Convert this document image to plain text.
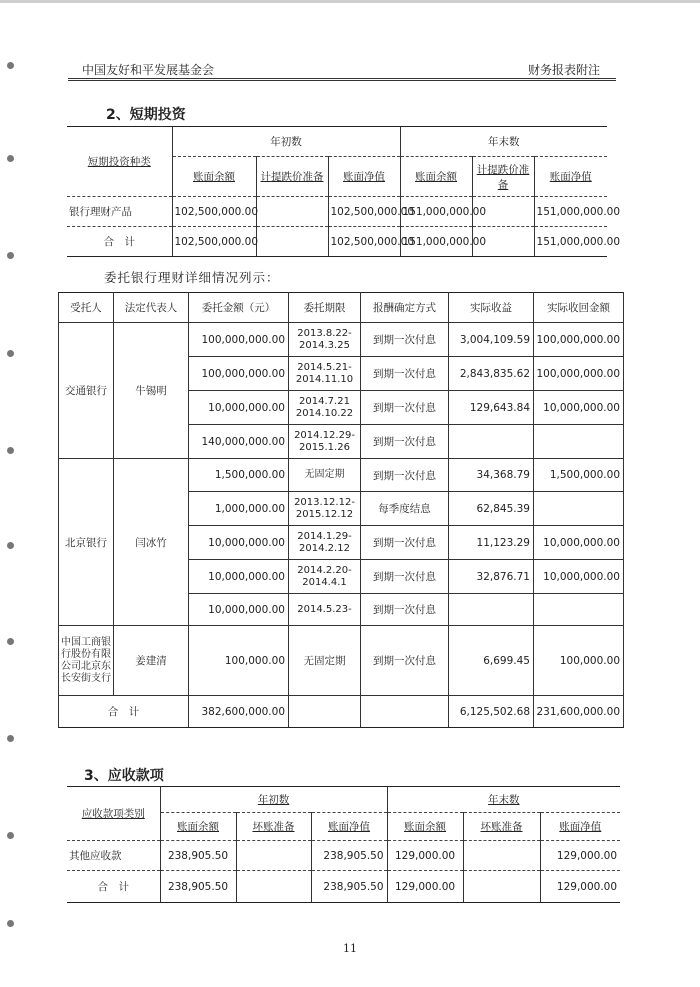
中国友好和平发展基金会	财务报表附注
2、短期投资
短期投资种类	年初数			年末数		
	账面余额	计提跌价准备	账面净值	账面余额	计提跌价准备	账面净值
银行理财产品	102,500,000.00		102,500,000.00	151,000,000.00		151,000,000.00
合　计	102,500,000.00		102,500,000.00	151,000,000.00		151,000,000.00
委托银行理财详细情况列示：
受托人	法定代表人	委托金额（元）	委托期限	报酬确定方式	实际收益	实际收回金额
交通银行	牛锡明	100,000,000.00	2013.8.22-2014.3.25	到期一次付息	3,004,109.59	100,000,000.00
		100,000,000.00	2014.5.21-2014.11.10	到期一次付息	2,843,835.62	100,000,000.00
		10,000,000.00	2014.7.21 2014.10.22	到期一次付息	129,643.84	10,000,000.00
		140,000,000.00	2014.12.29-2015.1.26	到期一次付息		
北京银行	闫冰竹	1,500,000.00	无固定期	到期一次付息	34,368.79	1,500,000.00
		1,000,000.00	2013.12.12-2015.12.12	每季度结息	62,845.39	
		10,000,000.00	2014.1.29-2014.2.12	到期一次付息	11,123.29	10,000,000.00
		10,000,000.00	2014.2.20-2014.4.1	到期一次付息	32,876.71	10,000,000.00
		10,000,000.00	2014.5.23-	到期一次付息		
中国工商银行股份有限公司北京东长安街支行	姜建清	100,000.00	无固定期	到期一次付息	6,699.45	100,000.00
合　计		382,600,000.00			6,125,502.68	231,600,000.00
3、应收款项
应收款项类别	年初数			年末数		
	账面余额	坏账准备	账面净值	账面余额	坏账准备	账面净值
其他应收款	238,905.50		238,905.50	129,000.00		129,000.00
合　计	238,905.50		238,905.50	129,000.00		129,000.00
11
